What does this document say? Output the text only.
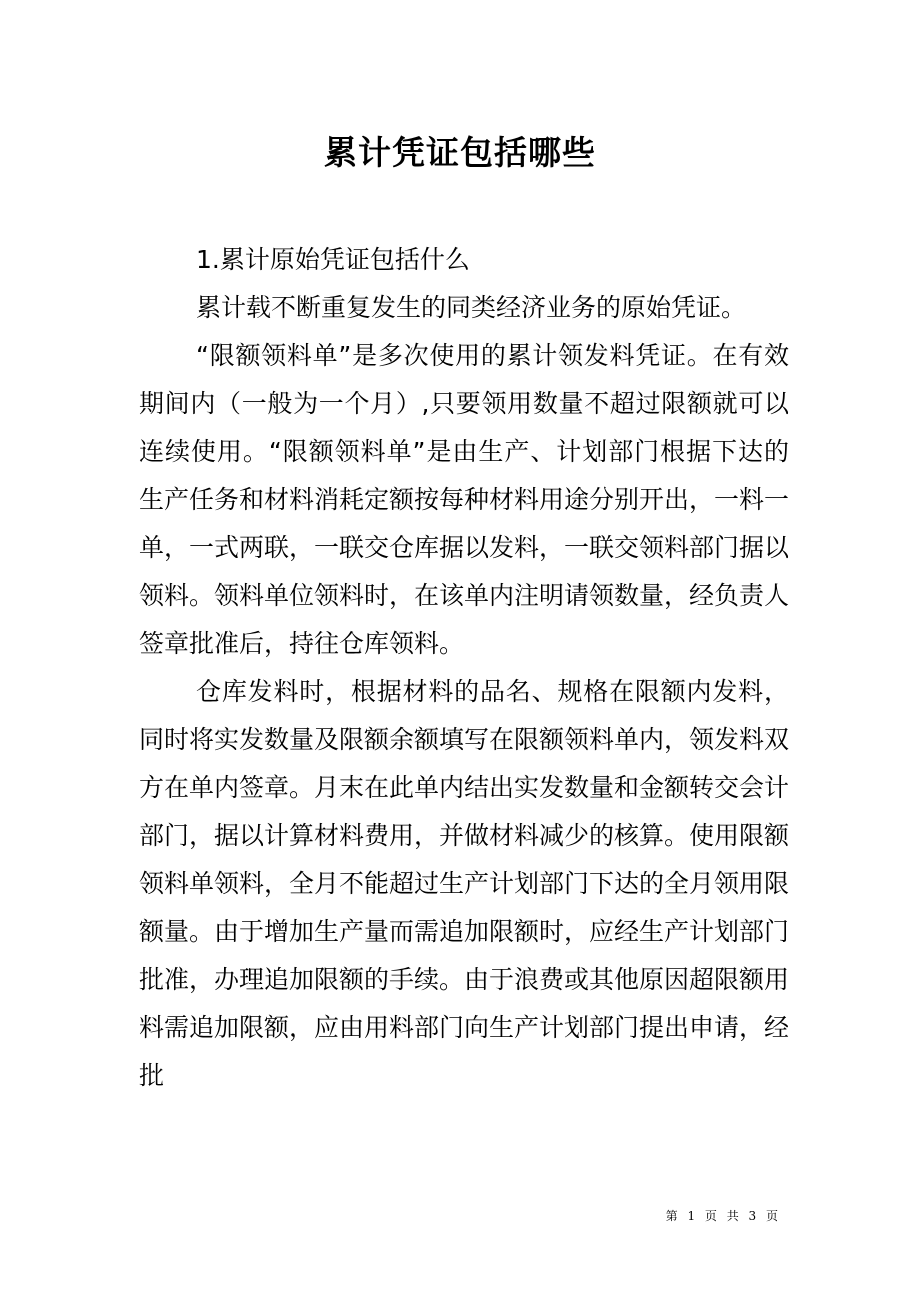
累计凭证包括哪些

1.累计原始凭证包括什么

累计载不断重复发生的同类经济业务的原始凭证。

“限额领料单”是多次使用的累计领发料凭证。在有效期间内（一般为一个月）,只要领用数量不超过限额就可以连续使用。“限额领料单”是由生产、计划部门根据下达的生产任务和材料消耗定额按每种材料用途分别开出，一料一单，一式两联，一联交仓库据以发料，一联交领料部门据以领料。领料单位领料时，在该单内注明请领数量，经负责人签章批准后，持往仓库领料。

仓库发料时，根据材料的品名、规格在限额内发料，同时将实发数量及限额余额填写在限额领料单内，领发料双方在单内签章。月末在此单内结出实发数量和金额转交会计部门，据以计算材料费用，并做材料减少的核算。使用限额领料单领料，全月不能超过生产计划部门下达的全月领用限额量。由于增加生产量而需追加限额时，应经生产计划部门批准，办理追加限额的手续。由于浪费或其他原因超限额用料需追加限额，应由用料部门向生产计划部门提出申请，经批

第 1 页 共 3 页
